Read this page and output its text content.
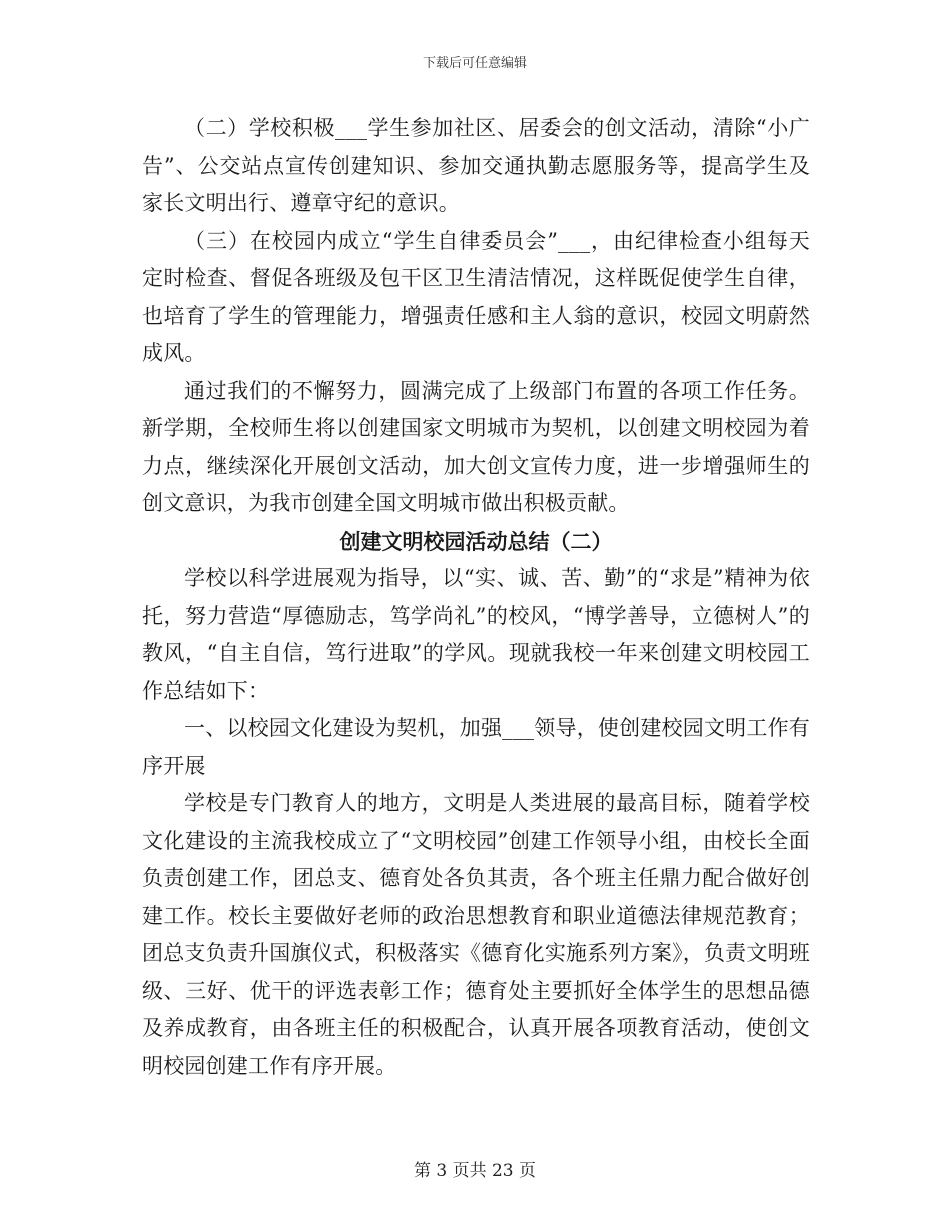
下载后可任意编辑

（二）学校积极___学生参加社区、居委会的创文活动，清除“小广告”、公交站点宣传创建知识、参加交通执勤志愿服务等，提高学生及家长文明出行、遵章守纪的意识。

（三）在校园内成立“学生自律委员会”___，由纪律检查小组每天定时检查、督促各班级及包干区卫生清洁情况，这样既促使学生自律，也培育了学生的管理能力，增强责任感和主人翁的意识，校园文明蔚然成风。

通过我们的不懈努力，圆满完成了上级部门布置的各项工作任务。新学期，全校师生将以创建国家文明城市为契机，以创建文明校园为着力点，继续深化开展创文活动，加大创文宣传力度，进一步增强师生的创文意识，为我市创建全国文明城市做出积极贡献。

创建文明校园活动总结（二）

学校以科学进展观为指导，以“实、诚、苦、勤”的“求是”精神为依托，努力营造“厚德励志，笃学尚礼”的校风，“博学善导，立德树人”的教风，“自主自信，笃行进取”的学风。现就我校一年来创建文明校园工作总结如下：

一、以校园文化建设为契机，加强___领导，使创建校园文明工作有序开展

学校是专门教育人的地方，文明是人类进展的最高目标，随着学校文化建设的主流我校成立了“文明校园”创建工作领导小组，由校长全面负责创建工作，团总支、德育处各负其责，各个班主任鼎力配合做好创建工作。校长主要做好老师的政治思想教育和职业道德法律规范教育；团总支负责升国旗仪式，积极落实《德育化实施系列方案》，负责文明班级、三好、优干的评选表彰工作；德育处主要抓好全体学生的思想品德及养成教育，由各班主任的积极配合，认真开展各项教育活动，使创文明校园创建工作有序开展。

第 3 页共 23 页
